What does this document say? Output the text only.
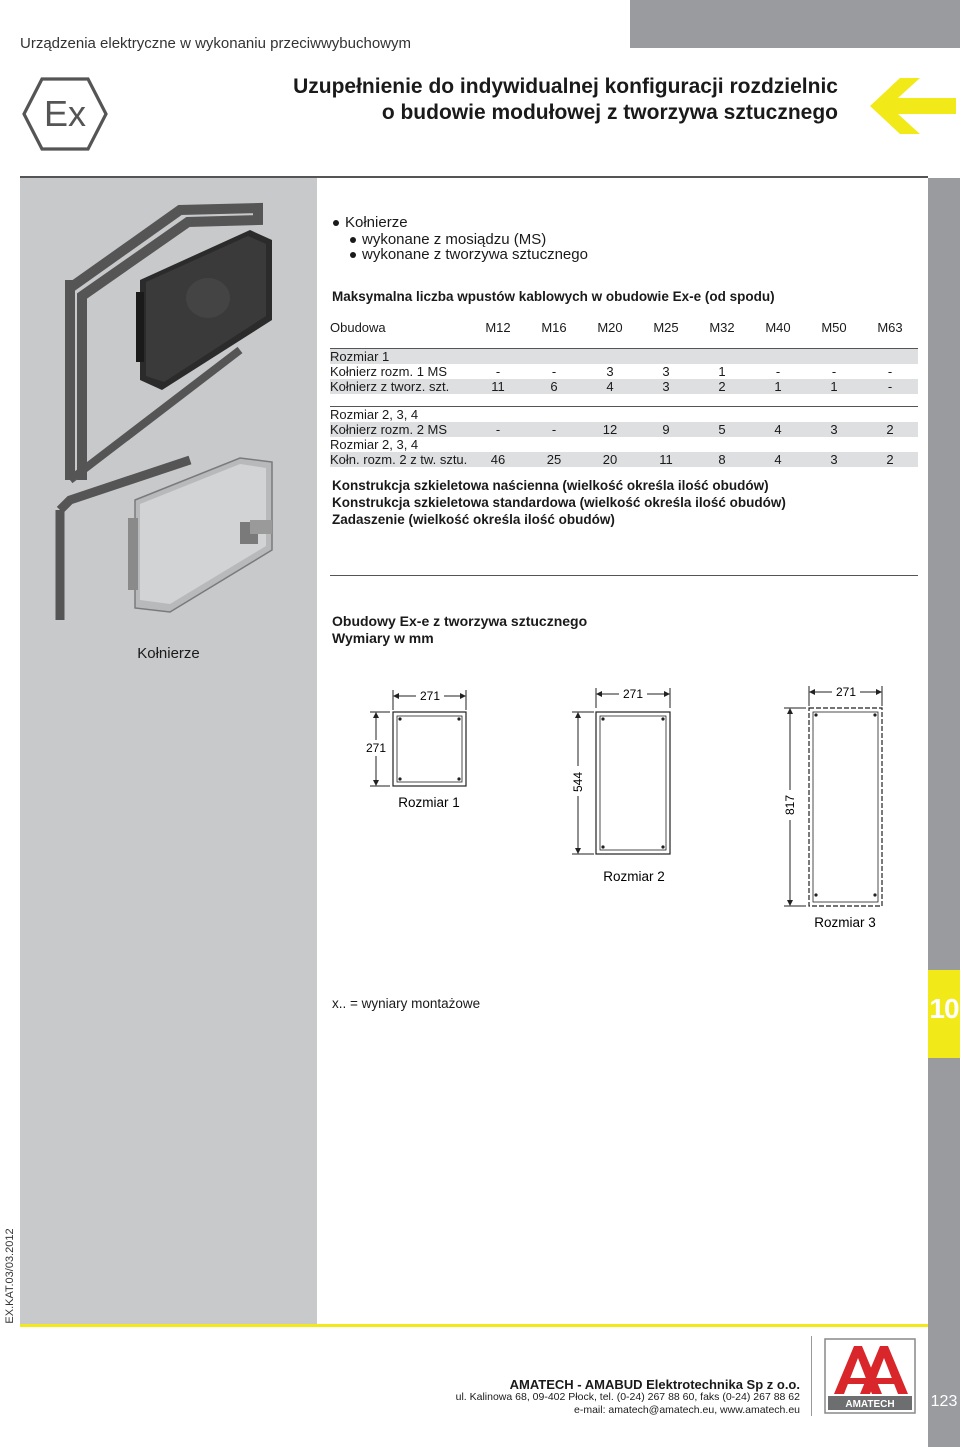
Urządzenia elektryczne w wykonaniu przeciwwybuchowym
Ex
Uzupełnienie do indywidualnej konfiguracji rozdzielnic
o budowie modułowej z tworzywa sztucznego
Kołnierze
Kołnierze
wykonane z mosiądzu (MS)
wykonane z tworzywa sztucznego
Maksymalna liczba wpustów kablowych w obudowie Ex-e (od spodu)
Obudowa	M12	M16	M20	M25	M32	M40	M50	M63

Rozmiar 1								
Kołnierz rozm. 1 MS	-	-	3	3	1	-	-	-
Kołnierz z tworz. szt.	11	6	4	3	2	1	1	-

Rozmiar 2, 3, 4								
Kołnierz rozm. 2 MS	-	-	12	9	5	4	3	2
Rozmiar 2, 3, 4								
Kołn. rozm. 2 z tw. sztu.	46	25	20	11	8	4	3	2
Konstrukcja szkieletowa naścienna (wielkość określa ilość obudów)
Konstrukcja szkieletowa standardowa (wielkość określa ilość obudów)
Zadaszenie (wielkość określa ilość obudów)
Obudowy Ex-e z tworzywa sztucznego
Wymiary w mm
271
271
Rozmiar 1
271
544
Rozmiar 2
271
817
Rozmiar 3
x.. = wyniary montażowe	10
123
EX.KAT.03/03.2012
AMATECH - AMABUD Elektrotechnika Sp z o.o.
ul. Kalinowa 68, 09-402 Płock, tel. (0-24) 267 88 60, faks (0-24) 267 88 62
e-mail: amatech@amatech.eu, www.amatech.eu	AMATECH
